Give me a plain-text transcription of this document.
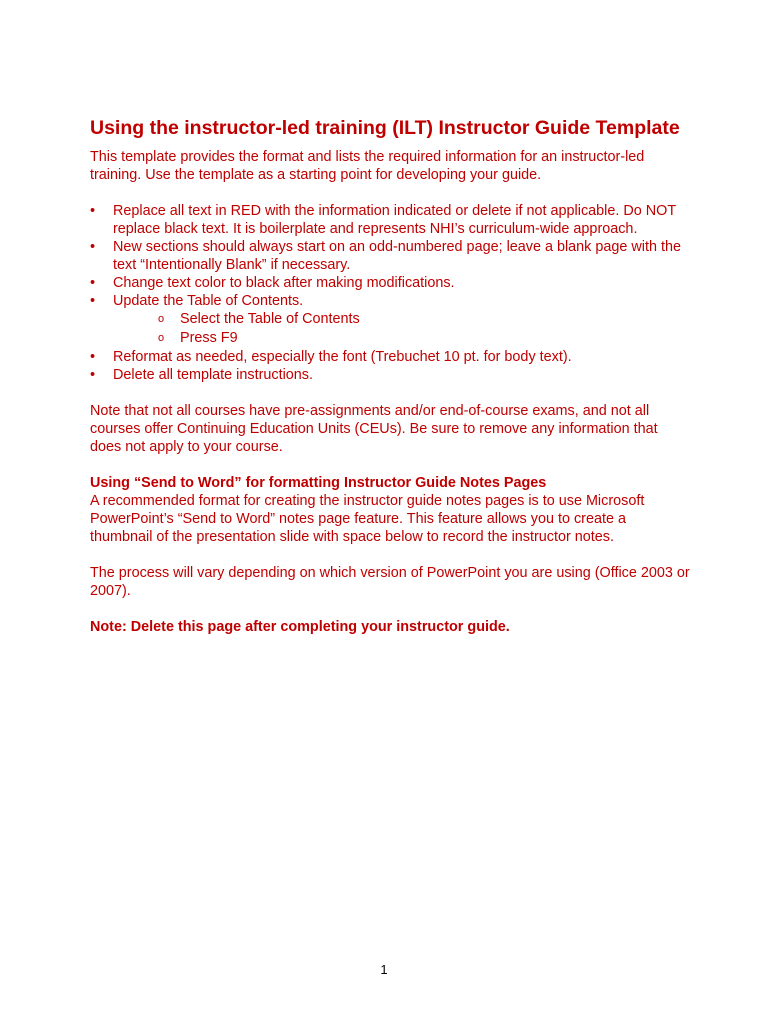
Using the instructor-led training (ILT) Instructor Guide Template

This template provides the format and lists the required information for an instructor-led training. Use the template as a starting point for developing your guide.

•	Replace all text in RED with the information indicated or delete if not applicable. Do NOT replace black text. It is boilerplate and represents NHI’s curriculum-wide approach.
•	New sections should always start on an odd-numbered page; leave a blank page with the text “Intentionally Blank” if necessary.
•	Change text color to black after making modifications.
•	Update the Table of Contents.
o Select the Table of Contents
o Press F9
•	Reformat as needed, especially the font (Trebuchet 10 pt. for body text).
•	Delete all template instructions.

Note that not all courses have pre-assignments and/or end-of-course exams, and not all courses offer Continuing Education Units (CEUs). Be sure to remove any information that does not apply to your course.

Using “Send to Word” for formatting Instructor Guide Notes Pages

A recommended format for creating the instructor guide notes pages is to use Microsoft PowerPoint’s “Send to Word” notes page feature. This feature allows you to create a thumbnail of the presentation slide with space below to record the instructor notes.

The process will vary depending on which version of PowerPoint you are using (Office 2003 or 2007).

Note: Delete this page after completing your instructor guide.

1
